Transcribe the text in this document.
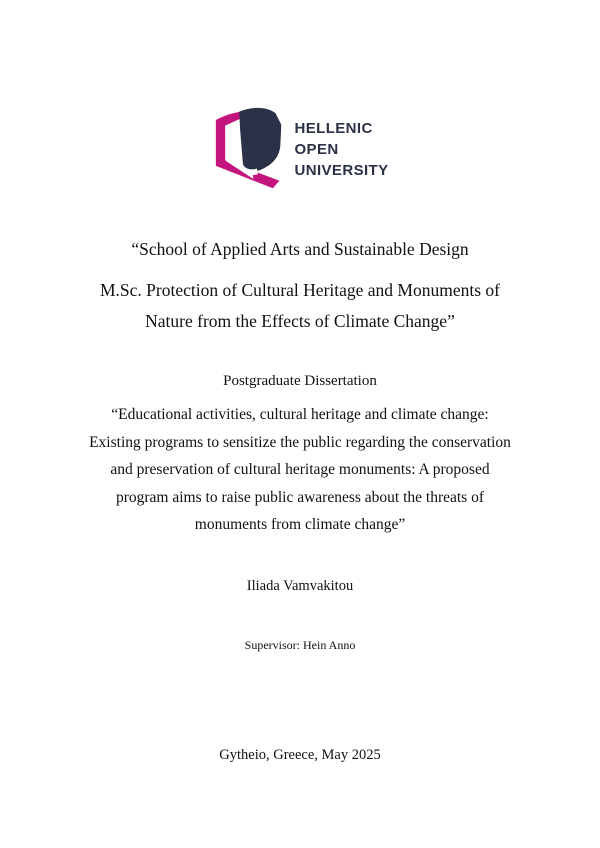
HELLENIC
OPEN
UNIVERSITY
“School of Applied Arts and Sustainable Design
M.Sc. Protection of Cultural Heritage and Monuments of
Nature from the Effects of Climate Change”
Postgraduate Dissertation
“Educational activities, cultural heritage and climate change:
Existing programs to sensitize the public regarding the conservation
and preservation of cultural heritage monuments: A proposed
program aims to raise public awareness about the threats of
monuments from climate change”
Iliada Vamvakitou
Supervisor: Hein Anno
Gytheio, Greece, May 2025
